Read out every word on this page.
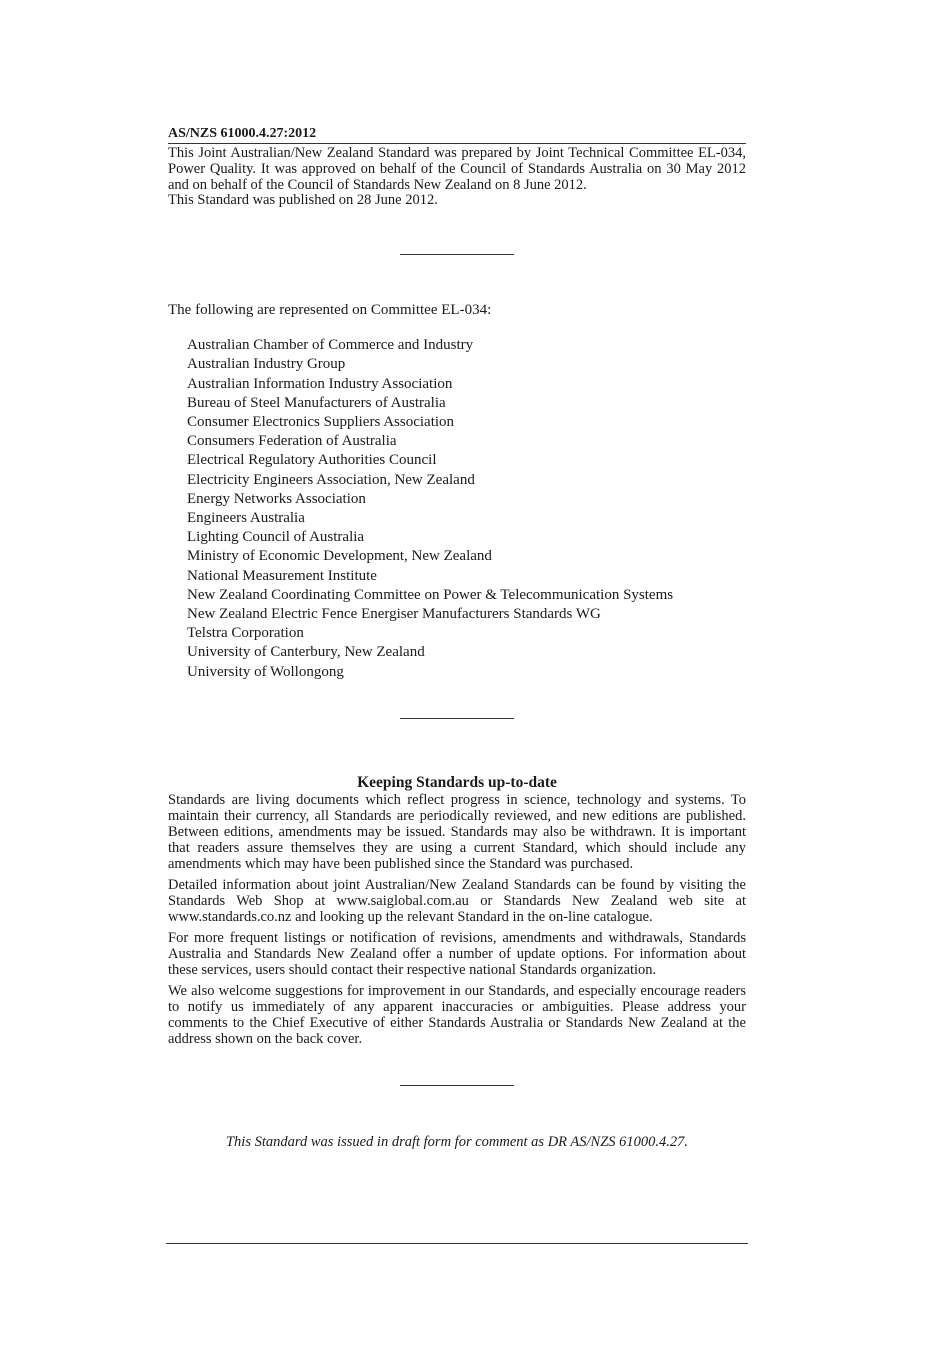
AS/NZS 61000.4.27:2012

This Joint Australian/New Zealand Standard was prepared by Joint Technical Committee EL-034, Power Quality. It was approved on behalf of the Council of Standards Australia on 30 May 2012 and on behalf of the Council of Standards New Zealand on 8 June 2012.

This Standard was published on 28 June 2012.

The following are represented on Committee EL-034:

Australian Chamber of Commerce and Industry
Australian Industry Group
Australian Information Industry Association
Bureau of Steel Manufacturers of Australia
Consumer Electronics Suppliers Association
Consumers Federation of Australia
Electrical Regulatory Authorities Council
Electricity Engineers Association, New Zealand
Energy Networks Association
Engineers Australia
Lighting Council of Australia
Ministry of Economic Development, New Zealand
National Measurement Institute
New Zealand Coordinating Committee on Power & Telecommunication Systems
New Zealand Electric Fence Energiser Manufacturers Standards WG
Telstra Corporation
University of Canterbury, New Zealand
University of Wollongong
Keeping Standards up-to-date

Standards are living documents which reflect progress in science, technology and systems. To maintain their currency, all Standards are periodically reviewed, and new editions are published. Between editions, amendments may be issued. Standards may also be withdrawn. It is important that readers assure themselves they are using a current Standard, which should include any amendments which may have been published since the Standard was purchased.

Detailed information about joint Australian/New Zealand Standards can be found by visiting the Standards Web Shop at www.saiglobal.com.au or Standards New Zealand web site at www.standards.co.nz and looking up the relevant Standard in the on-line catalogue.

For more frequent listings or notification of revisions, amendments and withdrawals, Standards Australia and Standards New Zealand offer a number of update options. For information about these services, users should contact their respective national Standards organization.

We also welcome suggestions for improvement in our Standards, and especially encourage readers to notify us immediately of any apparent inaccuracies or ambiguities. Please address your comments to the Chief Executive of either Standards Australia or Standards New Zealand at the address shown on the back cover.

This Standard was issued in draft form for comment as DR AS/NZS 61000.4.27.
